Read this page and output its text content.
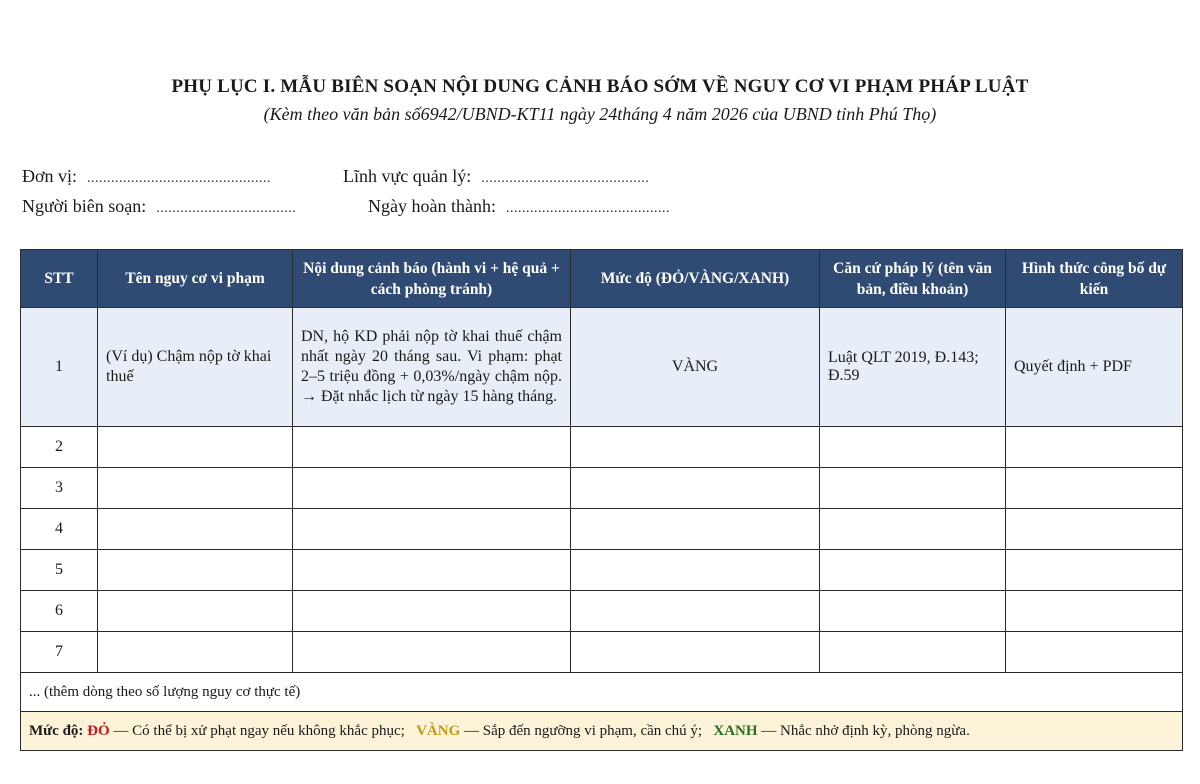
PHỤ LỤC I. MẪU BIÊN SOẠN NỘI DUNG CẢNH BÁO SỚM VỀ NGUY CƠ VI PHẠM PHÁP LUẬT
(Kèm theo văn bản số6942/UBND-KT11 ngày 24tháng 4 năm 2026 của UBND tỉnh Phú Thọ)
Đơn vị: ..............................................	Lĩnh vực quản lý: ..........................................
Người biên soạn: ...................................	Ngày hoàn thành: .........................................
STT	Tên nguy cơ vi phạm	Nội dung cảnh báo (hành vi + hệ quả + cách phòng tránh)	Mức độ (ĐỎ/VÀNG/XANH)	Căn cứ pháp lý (tên văn bản, điều khoản)	Hình thức công bố dự kiến
1	(Ví dụ) Chậm nộp tờ khai thuế	DN, hộ KD phải nộp tờ khai thuế chậm nhất ngày 20 tháng sau. Vi phạm: phạt 2–5 triệu đồng + 0,03%/ngày chậm nộp. → Đặt nhắc lịch từ ngày 15 hàng tháng.	VÀNG	Luật QLT 2019, Đ.143; Đ.59	Quyết định + PDF
2					
3					
4					
5					
6					
7					
... (thêm dòng theo số lượng nguy cơ thực tế)					
Mức độ: ĐỎ — Có thể bị xử phạt ngay nếu không khắc phục; VÀNG — Sắp đến ngưỡng vi phạm, cần chú ý; XANH — Nhắc nhở định kỳ, phòng ngừa.					
